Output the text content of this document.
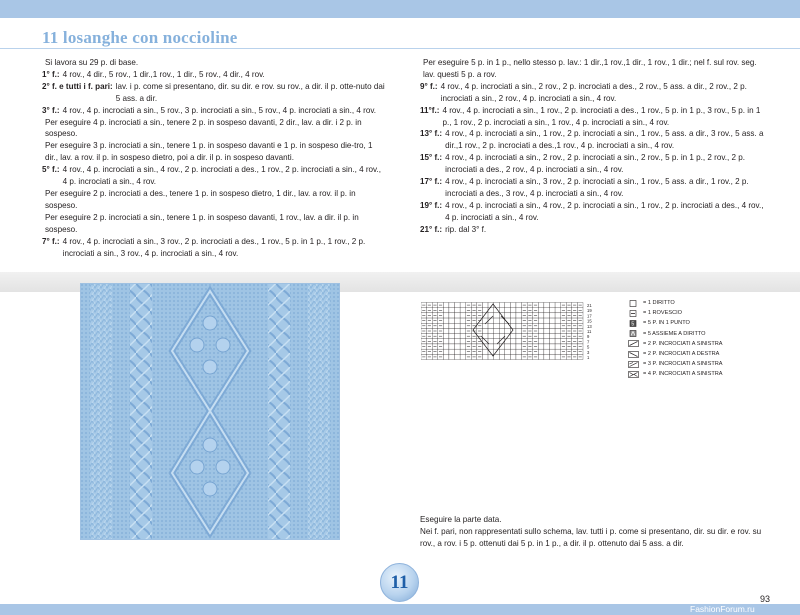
11 losanghe con noccioline
Si lavora su 29 p. di base.
1° f.: 4 rov., 4 dir., 5 rov., 1 dir.,1 rov., 1 dir., 5 rov., 4 dir., 4 rov.
2° f. e tutti i f. pari: lav. i p. come si presentano, dir. su dir. e rov. su rov., a dir. il p. otte-nuto dai 5 ass. a dir.
3° f.: 4 rov., 4 p. incrociati a sin., 5 rov., 3 p. incrociati a sin., 5 rov., 4 p. incrociati a sin., 4 rov.
Per eseguire 4 p. incrociati a sin., tenere 2 p. in sospeso davanti, 2 dir., lav. a dir. i 2 p. in sospeso.
Per eseguire 3 p. incrociati a sin., tenere 1 p. in sospeso davanti e 1 p. in sospeso die-tro, 1 dir., lav. a rov. il p. in sospeso dietro, poi a dir. il p. in sospeso davanti.
5° f.: 4 rov., 4 p. incrociati a sin., 4 rov., 2 p. incrociati a des., 1 rov., 2 p. incrociati a sin., 4 rov., 4 p. incrociati a sin., 4 rov.
Per eseguire 2 p. incrociati a des., tenere 1 p. in sospeso dietro, 1 dir., lav. a rov. il p. in sospeso.
Per eseguire 2 p. incrociati a sin., tenere 1 p. in sospeso davanti, 1 rov., lav. a dir. il p. in sospeso.
7° f.: 4 rov., 4 p. incrociati a sin., 3 rov., 2 p. incrociati a des., 1 rov., 5 p. in 1 p., 1 rov., 2 p. incrociati a sin., 3 rov., 4 p. incrociati a sin., 4 rov.
Per eseguire 5 p. in 1 p., nello stesso p. lav.: 1 dir.,1 rov.,1 dir., 1 rov., 1 dir.; nel f. sul rov. seg. lav. questi 5 p. a rov.
9° f.: 4 rov., 4 p. incrociati a sin., 2 rov., 2 p. incrociati a des., 2 rov., 5 ass. a dir., 2 rov., 2 p. incrociati a sin., 2 rov., 4 p. incrociati a sin., 4 rov.
11°f.: 4 rov., 4 p. incrociati a sin., 1 rov., 2 p. incrociati a des., 1 rov., 5 p. in 1 p., 3 rov., 5 p. in 1 p., 1 rov., 2 p. incrociati a sin., 1 rov., 4 p. incrociati a sin., 4 rov.
13° f.: 4 rov., 4 p. incrociati a sin., 1 rov., 2 p. incrociati a sin., 1 rov., 5 ass. a dir., 3 rov., 5 ass. a dir.,1 rov., 2 p. incrociati a des.,1 rov., 4 p. incrociati a sin., 4 rov.
15° f.: 4 rov., 4 p. incrociati a sin., 2 rov., 2 p. incrociati a sin., 2 rov., 5 p. in 1 p., 2 rov., 2 p. incrociati a des., 2 rov., 4 p. incrociati a sin., 4 rov.
17° f.: 4 rov., 4 p. incrociati a sin., 3 rov., 2 p. incrociati a sin., 1 rov., 5 ass. a dir., 1 rov., 2 p. incrociati a des., 3 rov., 4 p. incrociati a sin., 4 rov.
19° f.: 4 rov., 4 p. incrociati a sin., 4 rov., 2 p. incrociati a sin., 1 rov., 2 p. incrociati a des., 4 rov., 4 p. incrociati a sin., 4 rov.
21° f.: rip. dal 3° f.
21
19
17
15
13
11
9
7
5
3
1
= 1 DIRITTO
= 1 ROVESCIO
5 = 5 P. IN 1 PUNTO
= 5 ASSIEME A DIRITTO
= 2 P. INCROCIATI A SINISTRA
= 2 P. INCROCIATI A DESTRA
= 3 P. INCROCIATI A SINISTRA
= 4 P. INCROCIATI A SINISTRA

Eseguire la parte data.

Nei f. pari, non rappresentati sullo schema, lav. tutti i p. come si presentano, dir. su dir. e rov. su rov., a rov. i 5 p. ottenuti dai 5 p. in 1 p., a dir. il p. ottenuto dai 5 ass. a dir.

11
93
FashionForum.ru
